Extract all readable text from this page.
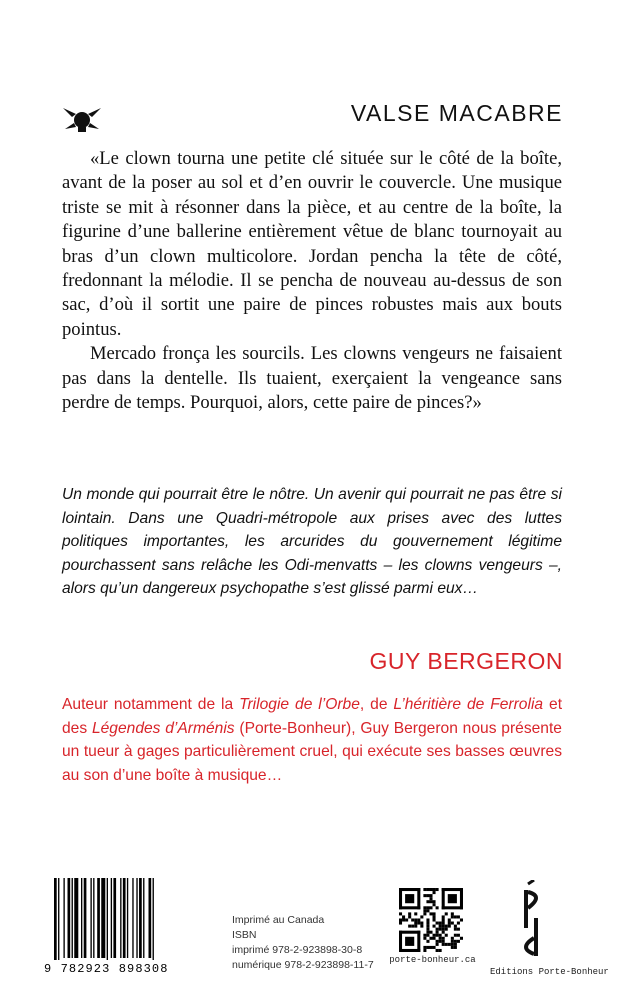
VALSE MACABRE

«Le clown tourna une petite clé située sur le côté de la boîte, avant de la poser au sol et d’en ouvrir le couvercle. Une musique triste se mit à résonner dans la pièce, et au centre de la boîte, la figurine d’une ballerine entièrement vêtue de blanc tournoyait au bras d’un clown multicolore. Jordan pencha la tête de côté, fredonnant la mélodie. Il se pencha de nouveau au-dessus de son sac, d’où il sortit une paire de pinces robustes mais aux bouts pointus.

Mercado fronça les sourcils. Les clowns vengeurs ne faisaient pas dans la dentelle. Ils tuaient, exerçaient la vengeance sans perdre de temps. Pourquoi, alors, cette paire de pinces?»

Un monde qui pourrait être le nôtre. Un avenir qui pourrait ne pas être si lointain. Dans une Quadri-métropole aux prises avec des luttes politiques importantes, les arcurides du gouvernement légitime pourchassent sans relâche les Odi-menvatts – les clowns vengeurs –, alors qu’un dangereux psychopathe s’est glissé parmi eux…
GUY BERGERON
Auteur notamment de la Trilogie de l’Orbe, de L’héritière de Ferrolia et des Légendes d’Arménis (Porte-Bonheur), Guy Bergeron nous présente un tueur à gages particulièrement cruel, qui exécute ses basses œuvres au son d’une boîte à musique…
9 782923 898308
Imprimé au Canada
ISBN
imprimé 978-2-923898-30-8
numérique 978-2-923898-11-7	porte-bonheur.ca
Editions Porte-Bonheur
